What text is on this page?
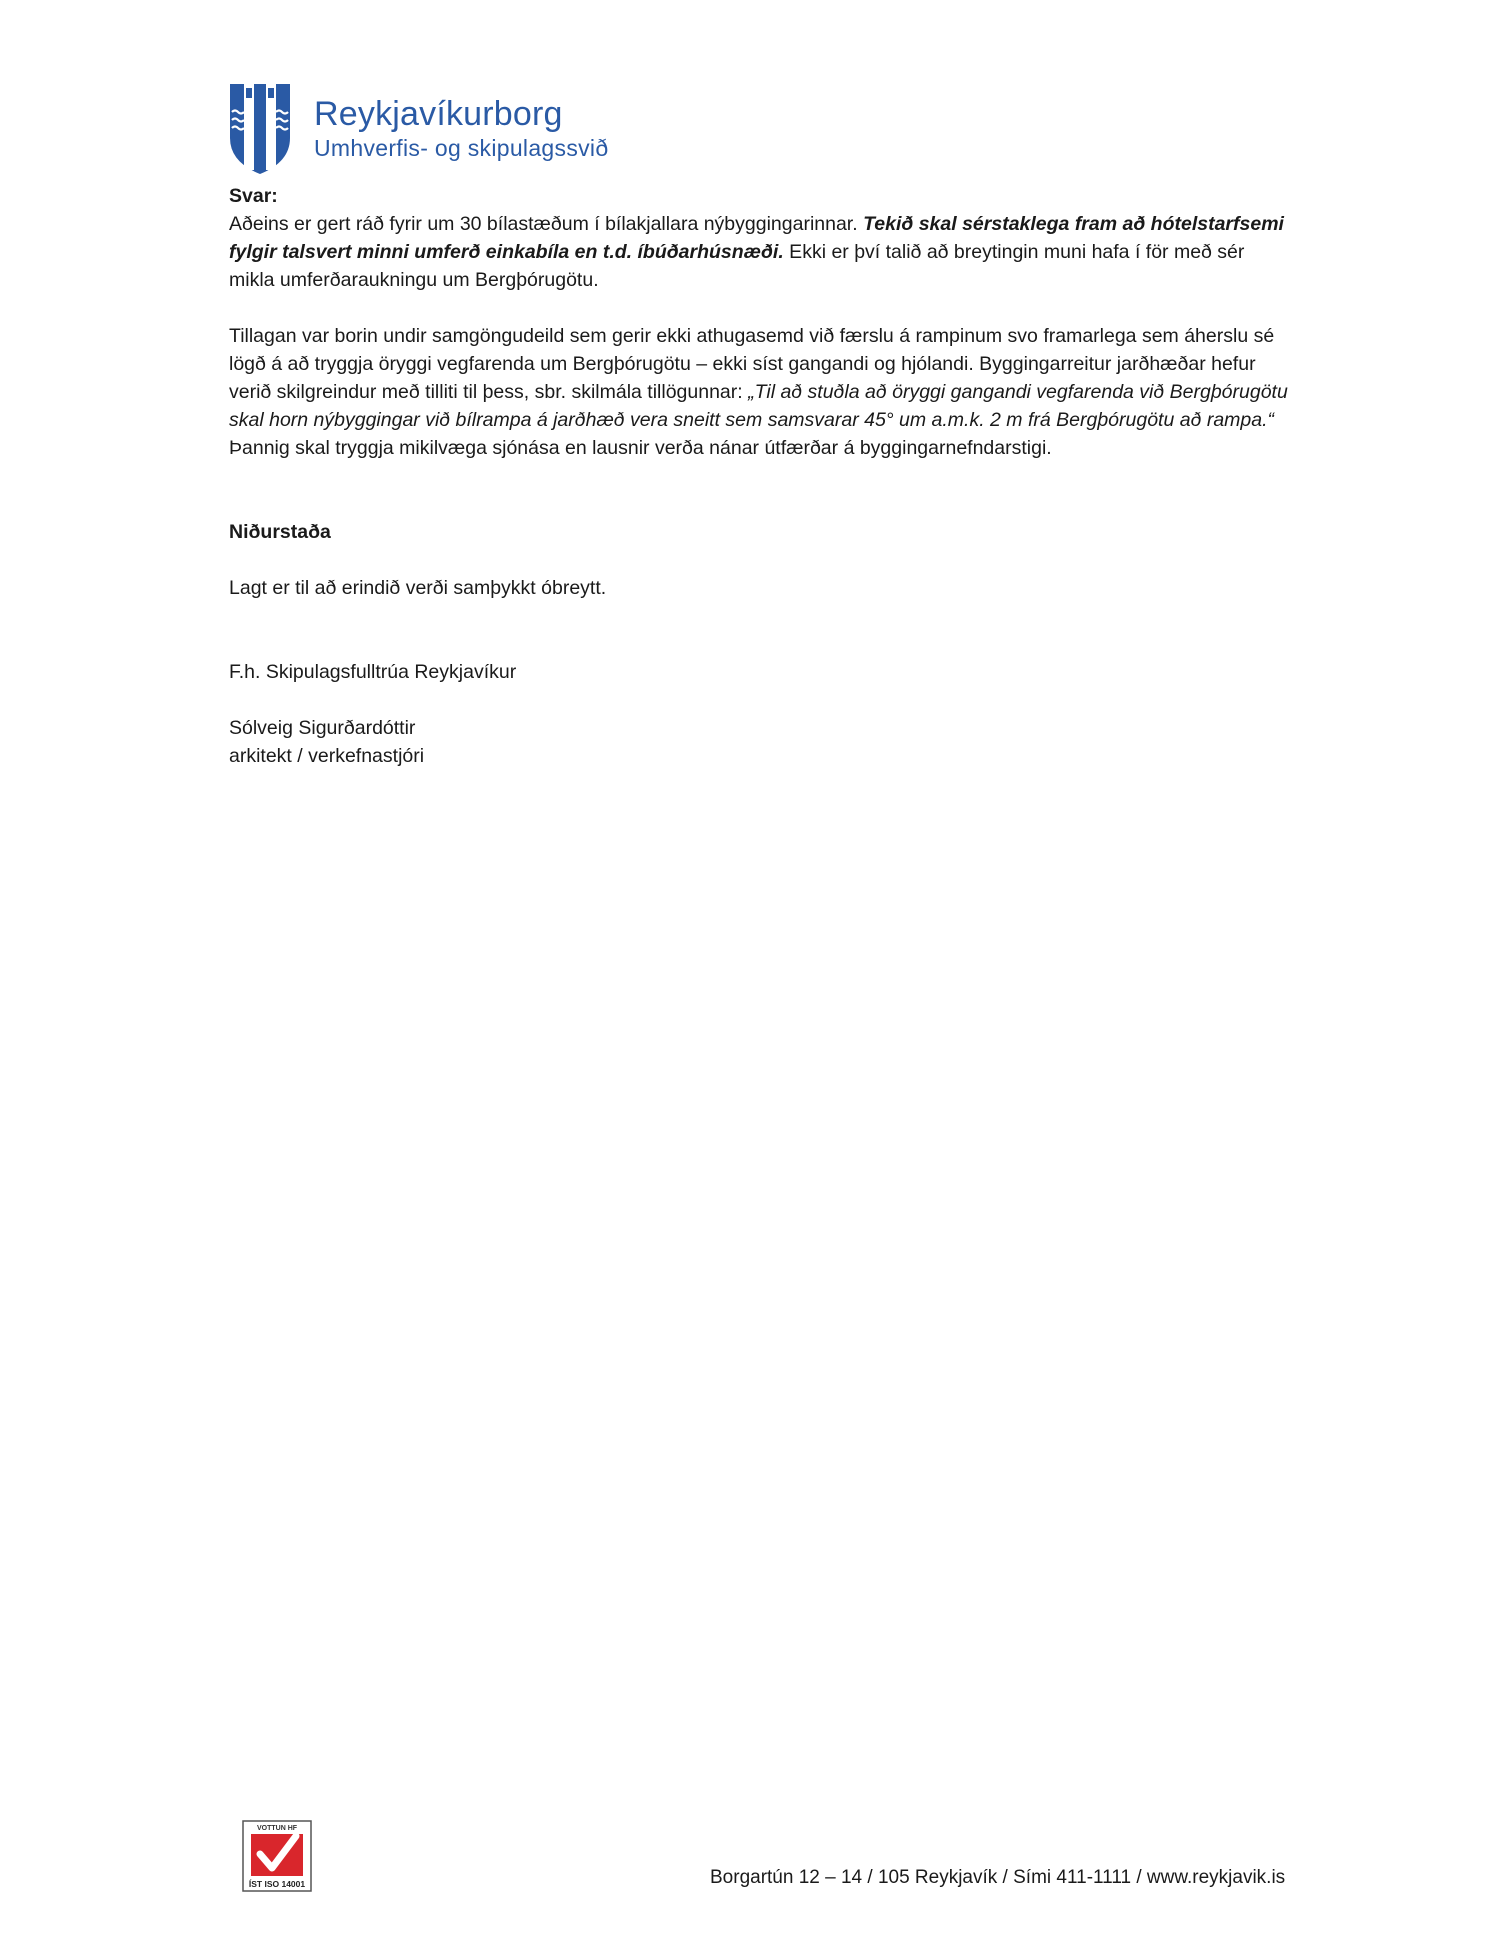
Reykjavíkurborg
Umhverfis- og skipulagssvið

Svar:

Aðeins er gert ráð fyrir um 30 bílastæðum í bílakjallara nýbyggingarinnar. Tekið skal sérstaklega fram að hótelstarfsemi fylgir talsvert minni umferð einkabíla en t.d. íbúðarhúsnæði. Ekki er því talið að breytingin muni hafa í för með sér mikla umferðaraukningu um Bergþórugötu.

Tillagan var borin undir samgöngudeild sem gerir ekki athugasemd við færslu á rampinum svo framarlega sem áherslu sé lögð á að tryggja öryggi vegfarenda um Bergþórugötu – ekki síst gangandi og hjólandi. Byggingarreitur jarðhæðar hefur verið skilgreindur með tilliti til þess, sbr. skilmála tillögunnar: „Til að stuðla að öryggi gangandi vegfarenda við Bergþórugötu skal horn nýbyggingar við bílrampa á jarðhæð vera sneitt sem samsvarar 45° um a.m.k. 2 m frá Bergþórugötu að rampa.“ Þannig skal tryggja mikilvæga sjónása en lausnir verða nánar útfærðar á byggingarnefndarstigi.

Niðurstaða

Lagt er til að erindið verði samþykkt óbreytt.

F.h. Skipulagsfulltrúa Reykjavíkur

Sólveig Sigurðardóttir

arkitekt / verkefnastjóri

VOTTUN HF
ÍST ISO 14001	Borgartún 12 – 14 / 105 Reykjavík / Sími 411-1111 / www.reykjavik.is
